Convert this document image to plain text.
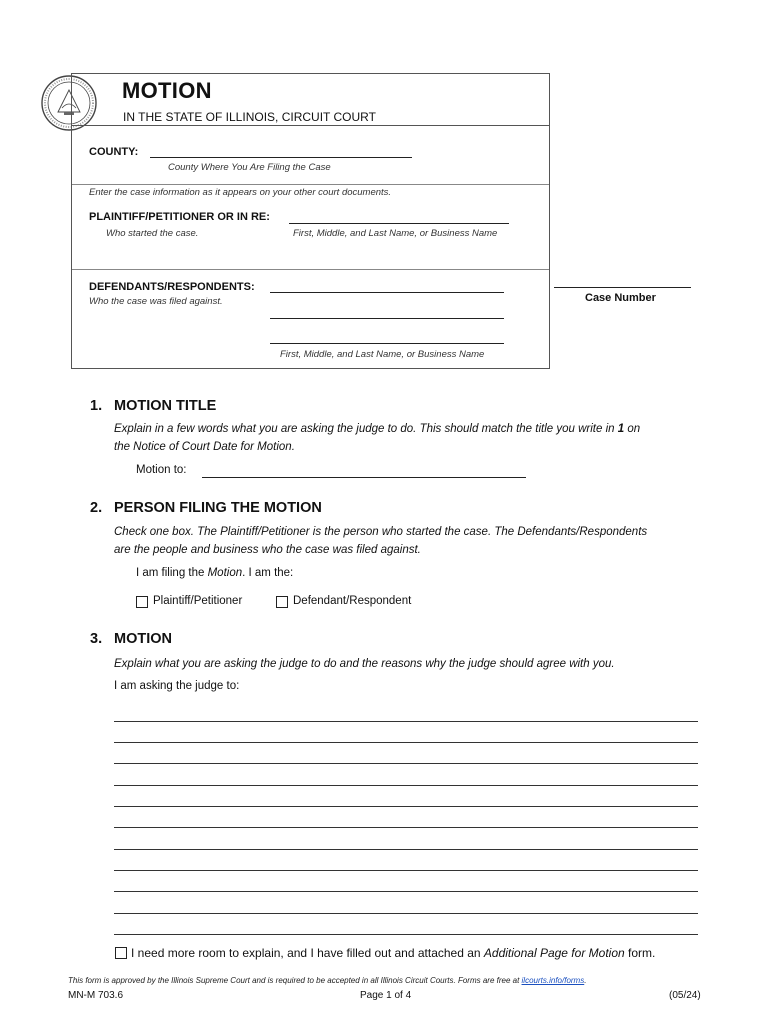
MOTION
IN THE STATE OF ILLINOIS, CIRCUIT COURT
COUNTY:
County Where You Are Filing the Case
Enter the case information as it appears on your other court documents.
PLAINTIFF/PETITIONER OR IN RE:
Who started the case.	First, Middle, and Last Name, or Business Name
DEFENDANTS/RESPONDENTS:
Who the case was filed against.
First, Middle, and Last Name, or Business Name
Case Number
1. MOTION TITLE
Explain in a few words what you are asking the judge to do. This should match the title you write in 1 on
the Notice of Court Date for Motion.
Motion to:
2. PERSON FILING THE MOTION
Check one box. The Plaintiff/Petitioner is the person who started the case. The Defendants/Respondents
are the people and business who the case was filed against.
I am filing the Motion. I am the:
Plaintiff/Petitioner	Defendant/Respondent
3. MOTION
Explain what you are asking the judge to do and the reasons why the judge should agree with you.
I am asking the judge to:
I need more room to explain, and I have filled out and attached an Additional Page for Motion form.
This form is approved by the Illinois Supreme Court and is required to be accepted in all Illinois Circuit Courts. Forms are free at ilcourts.info/forms.
MN-M 703.6	Page 1 of 4	(05/24)
